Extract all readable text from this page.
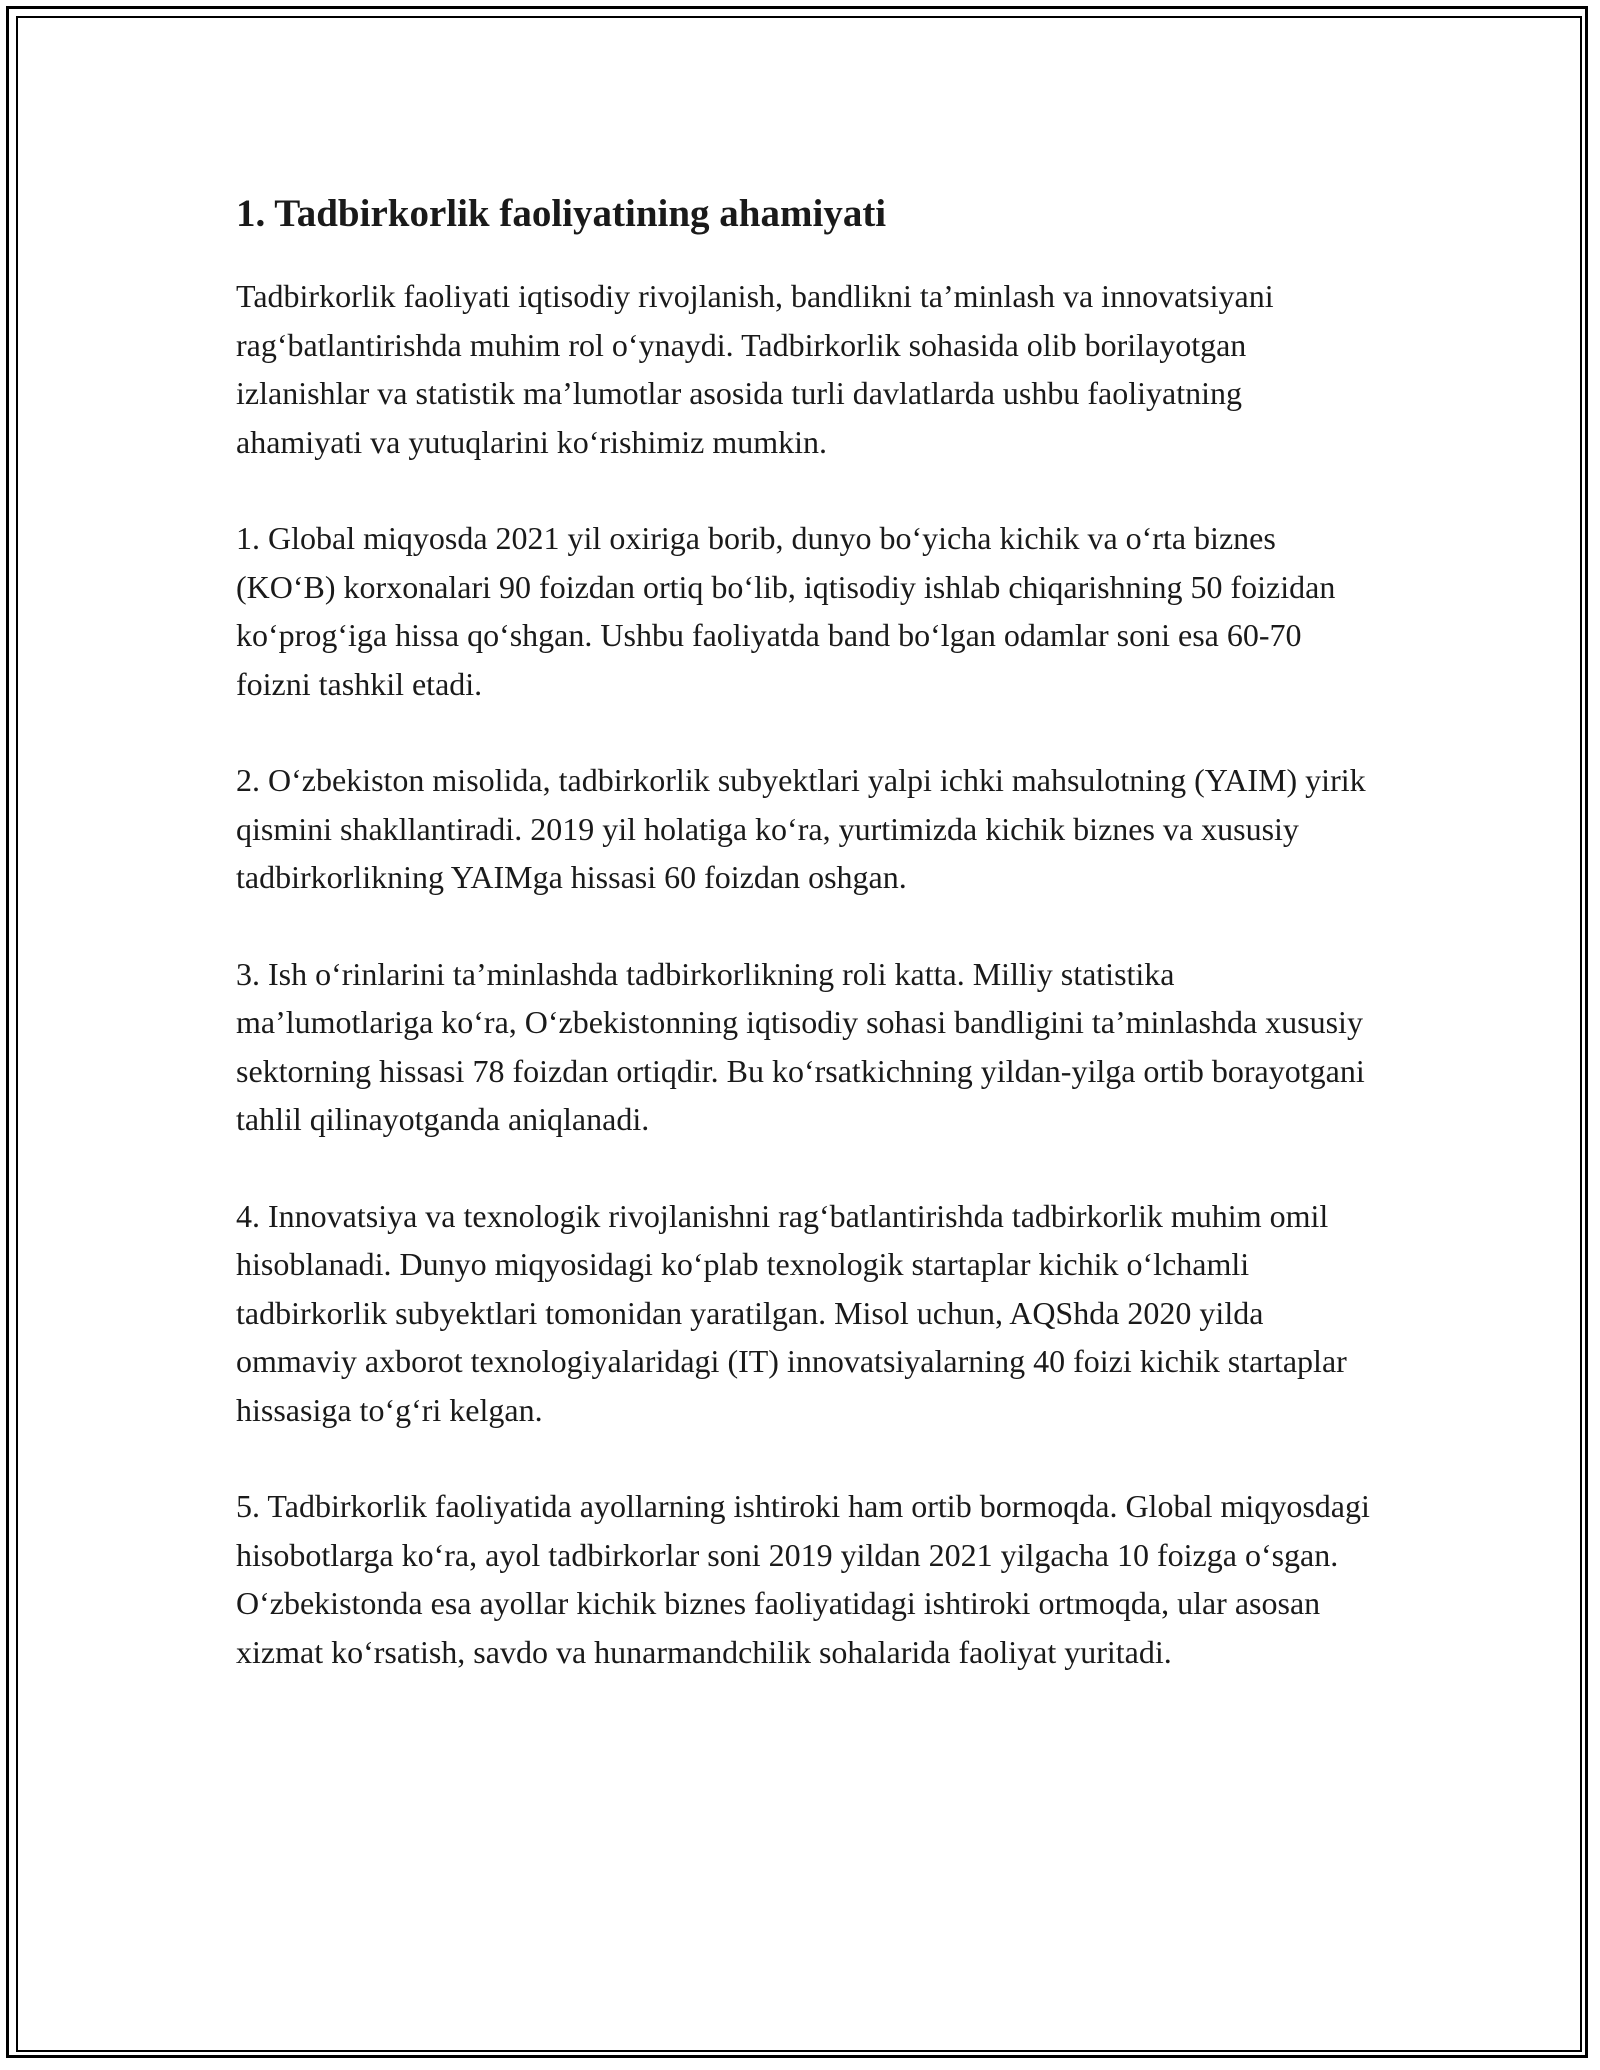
1. Tadbirkorlik faoliyatining ahamiyati

Tadbirkorlik faoliyati iqtisodiy rivojlanish, bandlikni taʼminlash va innovatsiyani ragʻbatlantirishda muhim rol oʻynaydi. Tadbirkorlik sohasida olib borilayotgan izlanishlar va statistik maʼlumotlar asosida turli davlatlarda ushbu faoliyatning ahamiyati va yutuqlarini koʻrishimiz mumkin.

1. Global miqyosda 2021 yil oxiriga borib, dunyo boʻyicha kichik va oʻrta biznes (KOʻB) korxonalari 90 foizdan ortiq boʻlib, iqtisodiy ishlab chiqarishning 50 foizidan koʻprogʻiga hissa qoʻshgan. Ushbu faoliyatda band boʻlgan odamlar soni esa 60-70 foizni tashkil etadi.

2. Oʻzbekiston misolida, tadbirkorlik subyektlari yalpi ichki mahsulotning (YAIM) yirik qismini shakllantiradi. 2019 yil holatiga koʻra, yurtimizda kichik biznes va xususiy tadbirkorlikning YAIMga hissasi 60 foizdan oshgan.

3. Ish oʻrinlarini taʼminlashda tadbirkorlikning roli katta. Milliy statistika maʼlumotlariga koʻra, Oʻzbekistonning iqtisodiy sohasi bandligini taʼminlashda xususiy sektorning hissasi 78 foizdan ortiqdir. Bu koʻrsatkichning yildan-yilga ortib borayotgani tahlil qilinayotganda aniqlanadi.

4. Innovatsiya va texnologik rivojlanishni ragʻbatlantirishda tadbirkorlik muhim omil hisoblanadi. Dunyo miqyosidagi koʻplab texnologik startaplar kichik oʻlchamli tadbirkorlik subyektlari tomonidan yaratilgan. Misol uchun, AQShda 2020 yilda ommaviy axborot texnologiyalaridagi (IT) innovatsiyalarning 40 foizi kichik startaplar hissasiga toʻgʻri kelgan.

5. Tadbirkorlik faoliyatida ayollarning ishtiroki ham ortib bormoqda. Global miqyosdagi hisobotlarga koʻra, ayol tadbirkorlar soni 2019 yildan 2021 yilgacha 10 foizga oʻsgan. Oʻzbekistonda esa ayollar kichik biznes faoliyatidagi ishtiroki ortmoqda, ular asosan xizmat koʻrsatish, savdo va hunarmandchilik sohalarida faoliyat yuritadi.
